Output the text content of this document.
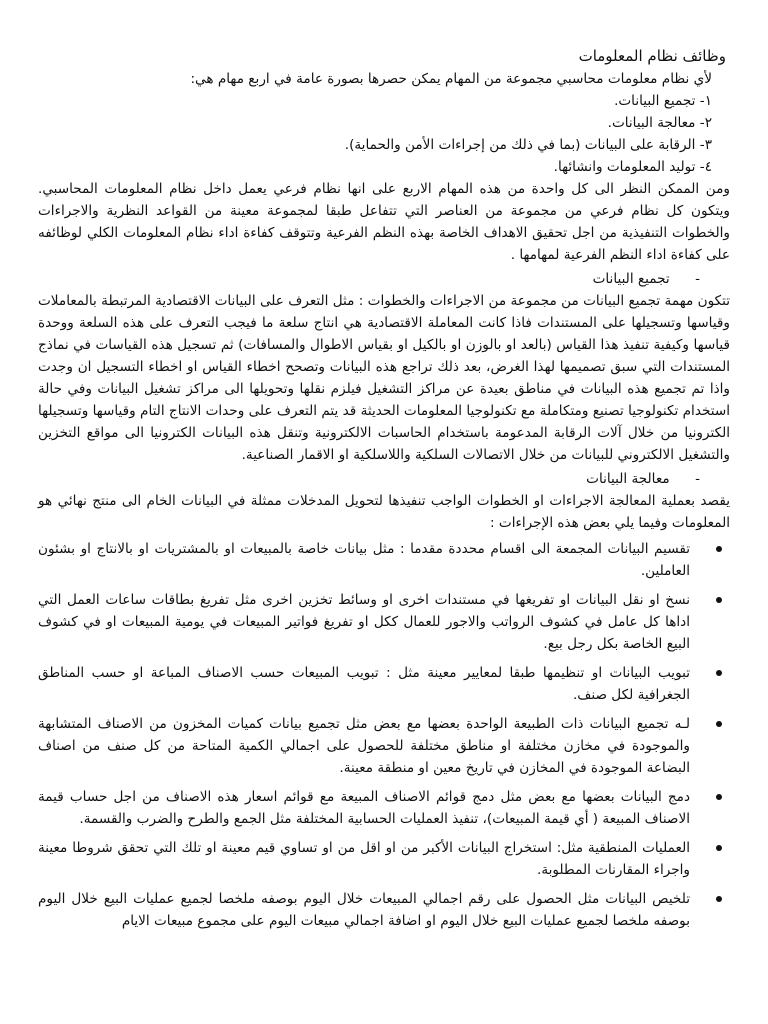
وظائف نظام المعلومات

لأي نظام معلومات محاسبي مجموعة من المهام يمكن حصرها بصورة عامة في اربع مهام هي:

١- تجميع البيانات.
٢- معالجة البيانات.
٣- الرقابة على البيانات (بما في ذلك من إجراءات الأمن والحماية).
٤- توليد المعلومات وانشائها.

ومن الممكن النظر الى كل واحدة من هذه المهام الاربع على انها نظام فرعي يعمل داخل نظام المعلومات المحاسبي. ويتكون كل نظام فرعي من مجموعة من العناصر التي تتفاعل طبقا لمجموعة معينة من القواعد النظرية والاجراءات والخطوات التنفيذية من اجل تحقيق الاهداف الخاصة بهذه النظم الفرعية وتتوقف كفاءة اداء نظام المعلومات الكلي لوظائفه على كفاءة اداء النظم الفرعية لمهامها .

- تجميع البيانات

تتكون مهمة تجميع البيانات من مجموعة من الاجراءات والخطوات : مثل التعرف على البيانات الاقتصادية المرتبطة بالمعاملات وقياسها وتسجيلها على المستندات فاذا كانت المعاملة الاقتصادية هي انتاج سلعة ما فيجب التعرف على هذه السلعة ووحدة قياسها وكيفية تنفيذ هذا القياس (بالعد او بالوزن او بالكيل او بقياس الاطوال والمسافات) ثم تسجيل هذه القياسات في نماذج المستندات التي سبق تصميمها لهذا الغرض، بعد ذلك تراجع هذه البيانات وتصحح اخطاء القياس او اخطاء التسجيل ان وجدت واذا تم تجميع هذه البيانات في مناطق بعيدة عن مراكز التشغيل فيلزم نقلها وتحويلها الى مراكز تشغيل البيانات وفي حالة استخدام تكنولوجيا تصنيع ومتكاملة مع تكنولوجيا المعلومات الحديثة قد يتم التعرف على وحدات الانتاج التام وقياسها وتسجيلها الكترونيا من خلال آلات الرقابة المدعومة باستخدام الحاسبات الالكترونية وتنقل هذه البيانات الكترونيا الى مواقع التخزين والتشغيل الالكتروني للبيانات من خلال الاتصالات السلكية واللاسلكية او الاقمار الصناعية.

- معالجة البيانات

يقصد بعملية المعالجة الاجراءات او الخطوات الواجب تنفيذها لتحويل المدخلات ممثلة في البيانات الخام الى منتج نهائي هو المعلومات وفيما يلي بعض هذه الإجراءات :

تقسيم البيانات المجمعة الى اقسام محددة مقدما : مثل بيانات خاصة بالمبيعات او بالمشتريات او بالانتاج او بشئون العاملين.
نسخ او نقل البيانات او تفريغها في مستندات اخرى او وسائط تخزين اخرى مثل تفريغ بطاقات ساعات العمل التي اداها كل عامل في كشوف الرواتب والاجور للعمال ككل او تفريغ فواتير المبيعات في يومية المبيعات او في كشوف البيع الخاصة بكل رجل بيع.
تبويب البيانات او تنظيمها طبقا لمعايير معينة مثل : تبويب المبيعات حسب الاصناف المباعة او حسب المناطق الجغرافية لكل صنف.
لـه تجميع البيانات ذات الطبيعة الواحدة بعضها مع بعض مثل تجميع بيانات كميات المخزون من الاصناف المتشابهة والموجودة في مخازن مختلفة او مناطق مختلفة للحصول على اجمالي الكمية المتاحة من كل صنف من اصناف البضاعة الموجودة في المخازن في تاريخ معين او منطقة معينة.
دمج البيانات بعضها مع بعض مثل دمج قوائم الاصناف المبيعة مع قوائم اسعار هذه الاصناف من اجل حساب قيمة الاصناف المبيعة ( أي قيمة المبيعات)، تنفيذ العمليات الحسابية المختلفة مثل الجمع والطرح والضرب والقسمة.
العمليات المنطقية مثل: استخراج البيانات الأكبر من او اقل من او تساوي قيم معينة او تلك التي تحقق شروطا معينة واجراء المقارنات المطلوبة.
تلخيص البيانات مثل الحصول على رقم اجمالي المبيعات خلال اليوم بوصفه ملخصا لجميع عمليات البيع خلال اليوم بوصفه ملخصا لجميع عمليات البيع خلال اليوم او اضافة اجمالي مبيعات اليوم على مجموع مبيعات الايام
